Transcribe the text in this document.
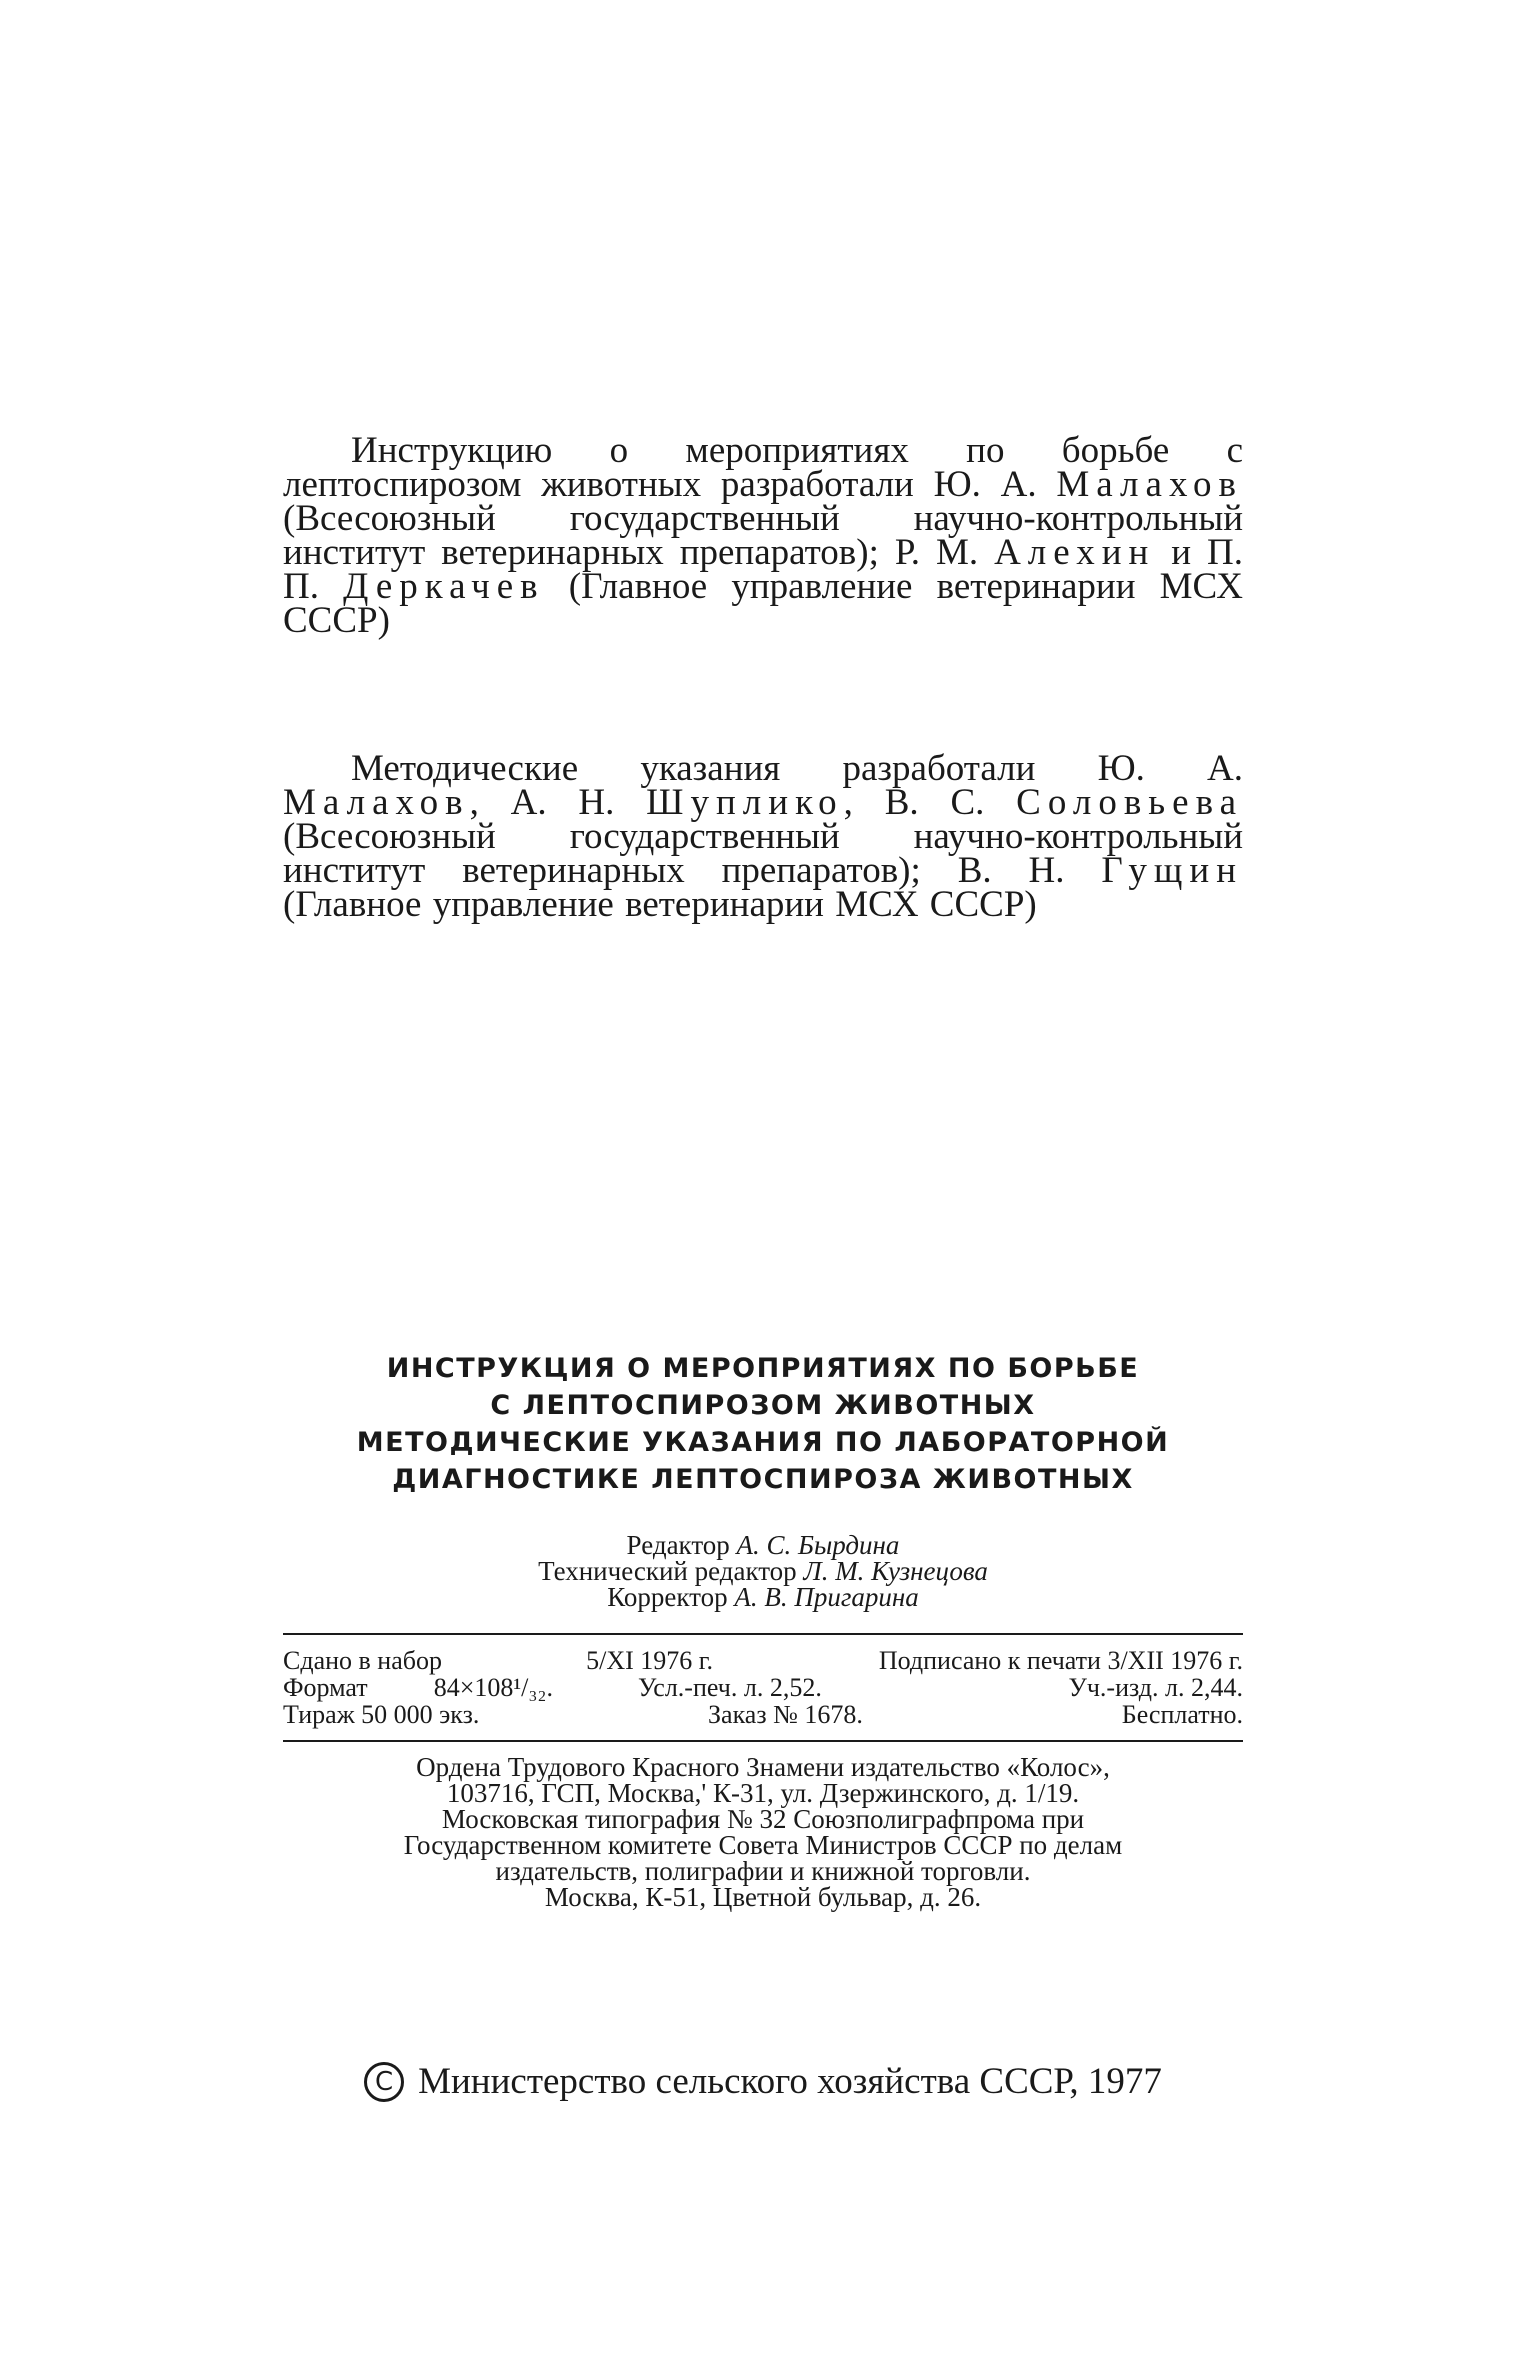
Инструкцию о мероприятиях по борьбе с лептоспирозом животных разработали Ю. А. Малахов (Всесоюзный государственный научно-контрольный институт ветеринарных препаратов); Р. М. Алехин и П. П. Деркачев (Главное управление ветеринарии МСХ СССР)

Методические указания разработали Ю. А. Малахов, А. Н. Шуплико, В. С. Соловьева (Всесоюзный государственный научно-контрольный институт ветеринарных препаратов); В. Н. Гущин (Главное управление ветеринарии МСХ СССР)

ИНСТРУКЦИЯ О МЕРОПРИЯТИЯХ ПО БОРЬБЕ
С ЛЕПТОСПИРОЗОМ ЖИВОТНЫХ
МЕТОДИЧЕСКИЕ УКАЗАНИЯ ПО ЛАБОРАТОРНОЙ
ДИАГНОСТИКЕ ЛЕПТОСПИРОЗА ЖИВОТНЫХ
Редактор А. С. Бырдина
Технический редактор Л. М. Кузнецова
Корректор А. В. Пригарина
Сдано в набор	5/XI 1976 г.	Подписано к печати 3/XII 1976 г.
Формат	84×108¹/₃₂.	Усл.-печ. л. 2,52.	Уч.-изд. л. 2,44.
Тираж 50 000 экз.	Заказ № 1678.	Бесплатно.
Ордена Трудового Красного Знамени издательство «Колос»,
103716, ГСП, Москва,' К-31, ул. Дзержинского, д. 1/19.
Московская типография № 32 Союзполиграфпрома при
Государственном комитете Совета Министров СССР по делам
издательств, полиграфии и книжной торговли.
Москва, К-51, Цветной бульвар, д. 26.
C Министерство сельского хозяйства СССР, 1977
